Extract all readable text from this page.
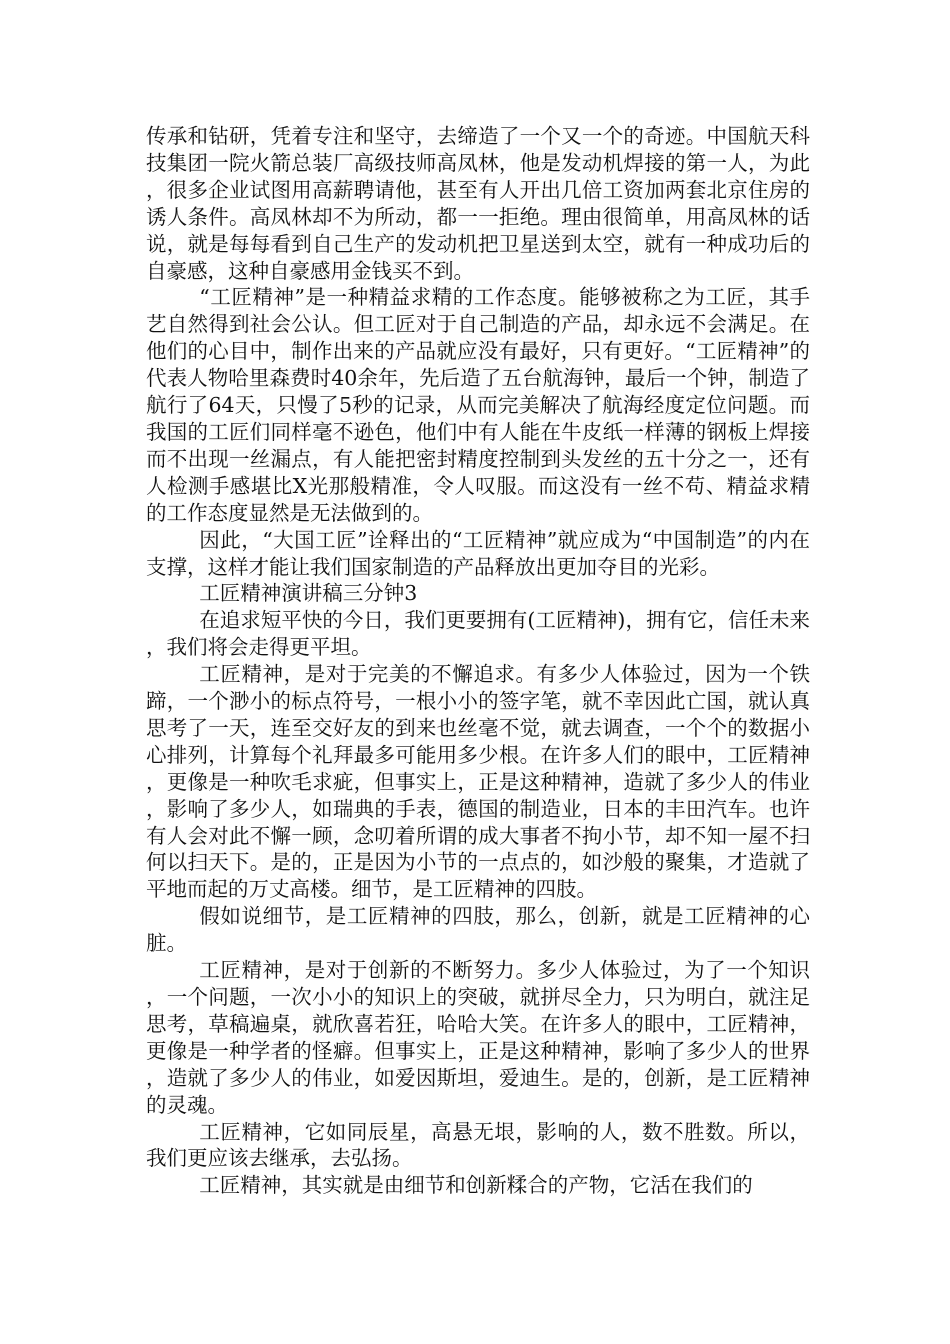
传承和钻研，凭着专注和坚守，去缔造了一个又一个的奇迹。中国航天科技集团一院火箭总装厂高级技师高凤林，他是发动机焊接的第一人，为此，很多企业试图用高薪聘请他，甚至有人开出几倍工资加两套北京住房的诱人条件。高凤林却不为所动，都一一拒绝。理由很简单，用高凤林的话说，就是每每看到自己生产的发动机把卫星送到太空，就有一种成功后的自豪感，这种自豪感用金钱买不到。

“工匠精神”是一种精益求精的工作态度。能够被称之为工匠，其手艺自然得到社会公认。但工匠对于自己制造的产品，却永远不会满足。在他们的心目中，制作出来的产品就应没有最好，只有更好。“工匠精神”的代表人物哈里森费时40余年，先后造了五台航海钟，最后一个钟，制造了航行了64天，只慢了5秒的记录，从而完美解决了航海经度定位问题。而我国的工匠们同样毫不逊色，他们中有人能在牛皮纸一样薄的钢板上焊接而不出现一丝漏点，有人能把密封精度控制到头发丝的五十分之一，还有人检测手感堪比X光那般精准，令人叹服。而这没有一丝不苟、精益求精的工作态度显然是无法做到的。

因此，“大国工匠”诠释出的“工匠精神”就应成为“中国制造”的内在支撑，这样才能让我们国家制造的产品释放出更加夺目的光彩。

工匠精神演讲稿三分钟3

在追求短平快的今日，我们更要拥有(工匠精神)，拥有它，信任未来，我们将会走得更平坦。

工匠精神，是对于完美的不懈追求。有多少人体验过，因为一个铁蹄，一个渺小的标点符号，一根小小的签字笔，就不幸因此亡国，就认真思考了一天，连至交好友的到来也丝毫不觉，就去调查，一个个的数据小心排列，计算每个礼拜最多可能用多少根。在许多人们的眼中，工匠精神，更像是一种吹毛求疵，但事实上，正是这种精神，造就了多少人的伟业，影响了多少人，如瑞典的手表，德国的制造业，日本的丰田汽车。也许有人会对此不懈一顾，念叨着所谓的成大事者不拘小节，却不知一屋不扫何以扫天下。是的，正是因为小节的一点点的，如沙般的聚集，才造就了平地而起的万丈高楼。细节，是工匠精神的四肢。

假如说细节，是工匠精神的四肢，那么，创新，就是工匠精神的心脏。

工匠精神，是对于创新的不断努力。多少人体验过，为了一个知识，一个问题，一次小小的知识上的突破，就拼尽全力，只为明白，就注足思考，草稿遍桌，就欣喜若狂，哈哈大笑。在许多人的眼中，工匠精神，更像是一种学者的怪癖。但事实上，正是这种精神，影响了多少人的世界，造就了多少人的伟业，如爱因斯坦，爱迪生。是的，创新，是工匠精神的灵魂。

工匠精神，它如同辰星，高悬无垠，影响的人，数不胜数。所以，我们更应该去继承，去弘扬。

工匠精神，其实就是由细节和创新糅合的产物，它活在我们的
